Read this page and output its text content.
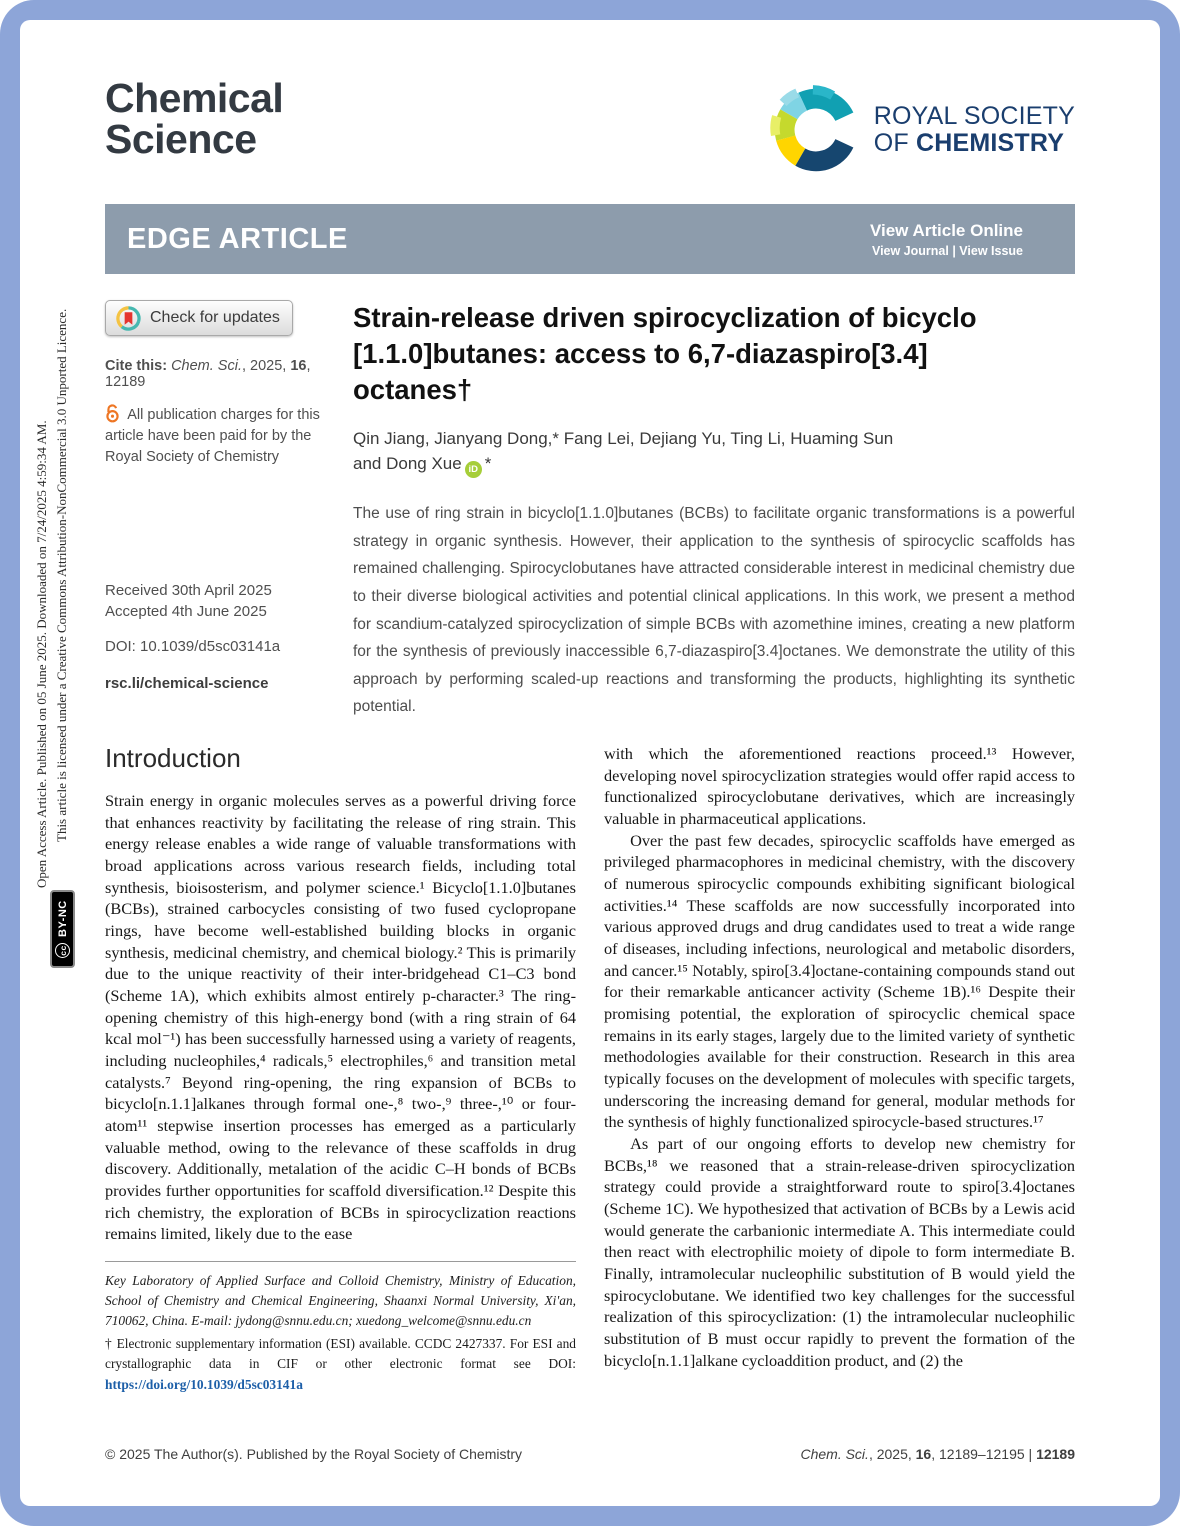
Open Access Article. Published on 05 June 2025. Downloaded on 7/24/2025 4:59:34 AM. This article is licensed under a Creative Commons Attribution-NonCommercial 3.0 Unported Licence.
cc
BY-NC
Chemical
Science
ROYAL SOCIETY
OF CHEMISTRY
EDGE ARTICLE	View Article Online
View Journal | View Issue
Check for updates
Cite this: Chem. Sci., 2025, 16, 12189
All publication charges for this article have been paid for by the Royal Society of Chemistry
Received 30th April 2025
Accepted 4th June 2025
DOI: 10.1039/d5sc03141a
rsc.li/chemical-science
Strain-release driven spirocyclization of bicyclo
[1.1.0]butanes: access to 6,7-diazaspiro[3.4]
octanes†
Qin Jiang, Jianyang Dong,* Fang Lei, Dejiang Yu, Ting Li, Huaming Sun
and Dong Xue iD *
The use of ring strain in bicyclo[1.1.0]butanes (BCBs) to facilitate organic transformations is a powerful strategy in organic synthesis. However, their application to the synthesis of spirocyclic scaffolds has remained challenging. Spirocyclobutanes have attracted considerable interest in medicinal chemistry due to their diverse biological activities and potential clinical applications. In this work, we present a method for scandium-catalyzed spirocyclization of simple BCBs with azomethine imines, creating a new platform for the synthesis of previously inaccessible 6,7-diazaspiro[3.4]octanes. We demonstrate the utility of this approach by performing scaled-up reactions and transforming the products, highlighting its synthetic potential.
Introduction

Strain energy in organic molecules serves as a powerful driving force that enhances reactivity by facilitating the release of ring strain. This energy release enables a wide range of valuable transformations with broad applications across various research fields, including total synthesis, bioisosterism, and polymer science.¹ Bicyclo[1.1.0]butanes (BCBs), strained carbocycles consisting of two fused cyclopropane rings, have become well-established building blocks in organic synthesis, medicinal chemistry, and chemical biology.² This is primarily due to the unique reactivity of their inter-bridgehead C1–C3 bond (Scheme 1A), which exhibits almost entirely p-character.³ The ring-opening chemistry of this high-energy bond (with a ring strain of 64 kcal mol⁻¹) has been successfully harnessed using a variety of reagents, including nucleophiles,⁴ radicals,⁵ electrophiles,⁶ and transition metal catalysts.⁷ Beyond ring-opening, the ring expansion of BCBs to bicyclo[n.1.1]alkanes through formal one-,⁸ two-,⁹ three-,¹⁰ or four-atom¹¹ stepwise insertion processes has emerged as a particularly valuable method, owing to the relevance of these scaffolds in drug discovery. Additionally, metalation of the acidic C–H bonds of BCBs provides further opportunities for scaffold diversification.¹² Despite this rich chemistry, the exploration of BCBs in spirocyclization reactions remains limited, likely due to the ease

Key Laboratory of Applied Surface and Colloid Chemistry, Ministry of Education, School of Chemistry and Chemical Engineering, Shaanxi Normal University, Xi'an, 710062, China. E-mail: jydong@snnu.edu.cn; xuedong_welcome@snnu.edu.cn
† Electronic supplementary information (ESI) available. CCDC 2427337. For ESI and crystallographic data in CIF or other electronic format see DOI: https://doi.org/10.1039/d5sc03141a

with which the aforementioned reactions proceed.¹³ However, developing novel spirocyclization strategies would offer rapid access to functionalized spirocyclobutane derivatives, which are increasingly valuable in pharmaceutical applications.

Over the past few decades, spirocyclic scaffolds have emerged as privileged pharmacophores in medicinal chemistry, with the discovery of numerous spirocyclic compounds exhibiting significant biological activities.¹⁴ These scaffolds are now successfully incorporated into various approved drugs and drug candidates used to treat a wide range of diseases, including infections, neurological and metabolic disorders, and cancer.¹⁵ Notably, spiro[3.4]octane-containing compounds stand out for their remarkable anticancer activity (Scheme 1B).¹⁶ Despite their promising potential, the exploration of spirocyclic chemical space remains in its early stages, largely due to the limited variety of synthetic methodologies available for their construction. Research in this area typically focuses on the development of molecules with specific targets, underscoring the increasing demand for general, modular methods for the synthesis of highly functionalized spirocycle-based structures.¹⁷

As part of our ongoing efforts to develop new chemistry for BCBs,¹⁸ we reasoned that a strain-release-driven spirocyclization strategy could provide a straightforward route to spiro[3.4]octanes (Scheme 1C). We hypothesized that activation of BCBs by a Lewis acid would generate the carbanionic intermediate A. This intermediate could then react with electrophilic moiety of dipole to form intermediate B. Finally, intramolecular nucleophilic substitution of B would yield the spirocyclobutane. We identified two key challenges for the successful realization of this spirocyclization: (1) the intramolecular nucleophilic substitution of B must occur rapidly to prevent the formation of the bicyclo[n.1.1]alkane cycloaddition product, and (2) the

© 2025 The Author(s). Published by the Royal Society of Chemistry	Chem. Sci., 2025, 16, 12189–12195 | 12189
